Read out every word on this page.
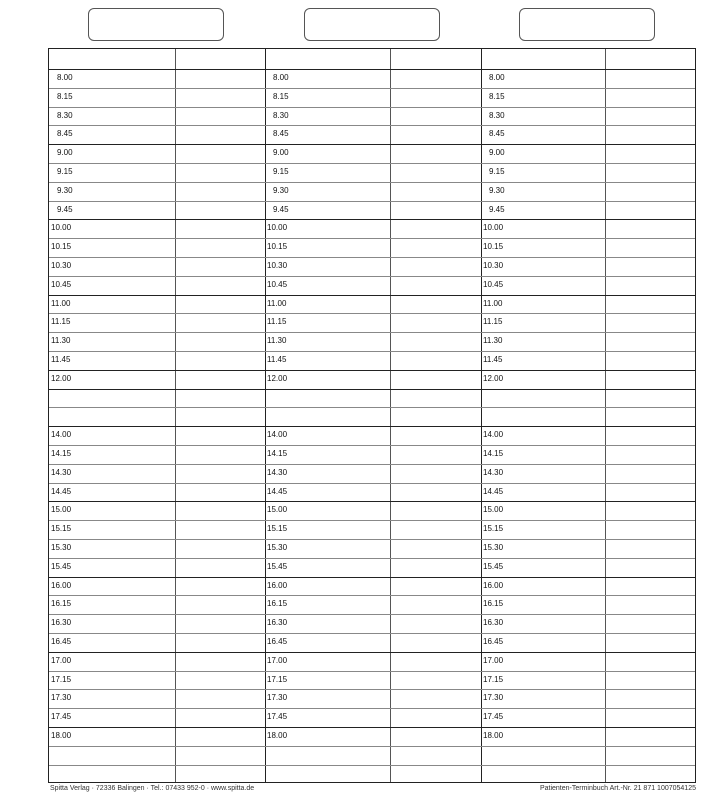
8.00	8.00	8.00
8.15	8.15	8.15
8.30	8.30	8.30
8.45	8.45	8.45
9.00	9.00	9.00
9.15	9.15	9.15
9.30	9.30	9.30
9.45	9.45	9.45
10.00	10.00	10.00
10.15	10.15	10.15
10.30	10.30	10.30
10.45	10.45	10.45
11.00	11.00	11.00
11.15	11.15	11.15
11.30	11.30	11.30
11.45	11.45	11.45
12.00	12.00	12.00
14.00	14.00	14.00
14.15	14.15	14.15
14.30	14.30	14.30
14.45	14.45	14.45
15.00	15.00	15.00
15.15	15.15	15.15
15.30	15.30	15.30
15.45	15.45	15.45
16.00	16.00	16.00
16.15	16.15	16.15
16.30	16.30	16.30
16.45	16.45	16.45
17.00	17.00	17.00
17.15	17.15	17.15
17.30	17.30	17.30
17.45	17.45	17.45
18.00	18.00	18.00
Spitta Verlag · 72336 Balingen · Tel.: 07433 952-0 · www.spitta.de	Patienten-Terminbuch Art.-Nr. 21 871 1007054125
